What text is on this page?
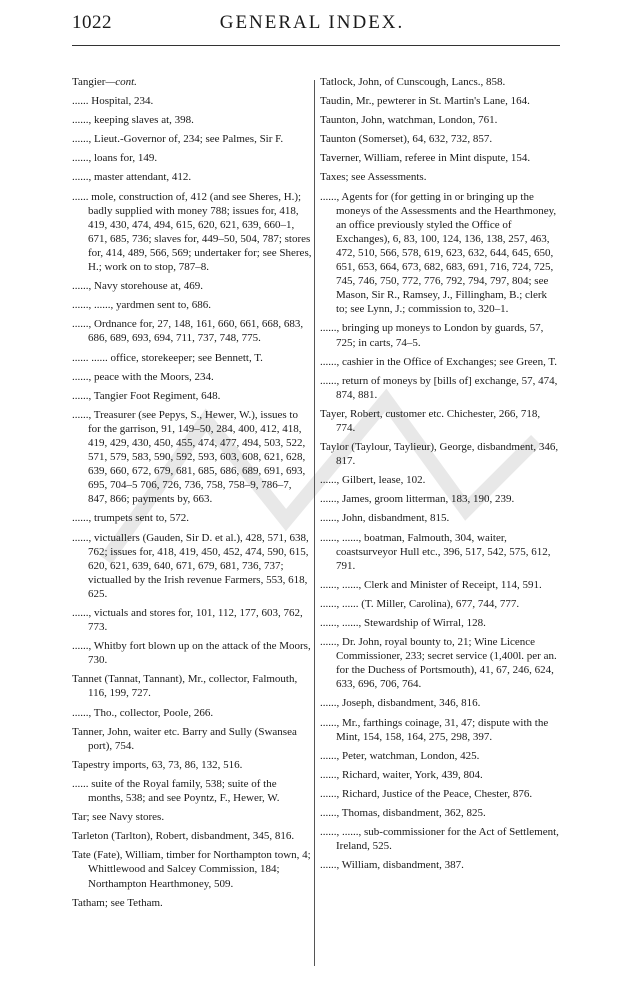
1022	GENERAL INDEX.
Tangier—cont.
...... Hospital, 234.
......, keeping slaves at, 398.
......, Lieut.-Governor of, 234; see Palmes, Sir F.
......, loans for, 149.
......, master attendant, 412.
...... mole, construction of, 412 (and see Sheres, H.); badly supplied with money 788; issues for, 418, 419, 430, 474, 494, 615, 620, 621, 639, 660–1, 671, 685, 736; slaves for, 449–50, 504, 787; stores for, 414, 489, 566, 569; undertaker for; see Sheres, H.; work on to stop, 787–8.
......, Navy storehouse at, 469.
......, ......, yardmen sent to, 686.
......, Ordnance for, 27, 148, 161, 660, 661, 668, 683, 686, 689, 693, 694, 711, 737, 748, 775.
...... ...... office, storekeeper; see Bennett, T.
......, peace with the Moors, 234.
......, Tangier Foot Regiment, 648.
......, Treasurer (see Pepys, S., Hewer, W.), issues to for the garrison, 91, 149–50, 284, 400, 412, 418, 419, 429, 430, 450, 455, 474, 477, 494, 503, 522, 571, 579, 583, 590, 592, 593, 603, 608, 621, 628, 639, 660, 672, 679, 681, 685, 686, 689, 691, 693, 695, 704–5 706, 726, 736, 758, 758–9, 786–7, 847, 866; payments by, 663.
......, trumpets sent to, 572.
......, victuallers (Gauden, Sir D. et al.), 428, 571, 638, 762; issues for, 418, 419, 450, 452, 474, 590, 615, 620, 621, 639, 640, 671, 679, 681, 736, 737; victualled by the Irish revenue Farmers, 553, 618, 625.
......, victuals and stores for, 101, 112, 177, 603, 762, 773.
......, Whitby fort blown up on the attack of the Moors, 730.
Tannet (Tannat, Tannant), Mr., collector, Falmouth, 116, 199, 727.
......, Tho., collector, Poole, 266.
Tanner, John, waiter etc. Barry and Sully (Swansea port), 754.
Tapestry imports, 63, 73, 86, 132, 516.
...... suite of the Royal family, 538; suite of the months, 538; and see Poyntz, F., Hewer, W.
Tar; see Navy stores.
Tarleton (Tarlton), Robert, disbandment, 345, 816.
Tate (Fate), William, timber for Northampton town, 4; Whittlewood and Salcey Commission, 184; Northampton Hearthmoney, 509.
Tatham; see Tetham.
Tatlock, John, of Cunscough, Lancs., 858.
Taudin, Mr., pewterer in St. Martin's Lane, 164.
Taunton, John, watchman, London, 761.
Taunton (Somerset), 64, 632, 732, 857.
Taverner, William, referee in Mint dispute, 154.
Taxes; see Assessments.
......, Agents for (for getting in or bringing up the moneys of the Assessments and the Hearthmoney, an office previously styled the Office of Exchanges), 6, 83, 100, 124, 136, 138, 257, 463, 472, 510, 566, 578, 619, 623, 632, 644, 645, 650, 651, 653, 664, 673, 682, 683, 691, 716, 724, 725, 745, 746, 750, 772, 776, 792, 794, 797, 804; see Mason, Sir R., Ramsey, J., Fillingham, B.; clerk to; see Lynn, J.; commission to, 320–1.
......, bringing up moneys to London by guards, 57, 725; in carts, 74–5.
......, cashier in the Office of Exchanges; see Green, T.
......, return of moneys by [bills of] exchange, 57, 474, 874, 881.
Tayer, Robert, customer etc. Chichester, 266, 718, 774.
Taylor (Taylour, Taylieur), George, disbandment, 346, 817.
......, Gilbert, lease, 102.
......, James, groom litterman, 183, 190, 239.
......, John, disbandment, 815.
......, ......, boatman, Falmouth, 304, waiter, coastsurveyor Hull etc., 396, 517, 542, 575, 612, 791.
......, ......, Clerk and Minister of Receipt, 114, 591.
......, ...... (T. Miller, Carolina), 677, 744, 777.
......, ......, Stewardship of Wirral, 128.
......, Dr. John, royal bounty to, 21; Wine Licence Commissioner, 233; secret service (1,400l. per an. for the Duchess of Portsmouth), 41, 67, 246, 624, 633, 696, 706, 764.
......, Joseph, disbandment, 346, 816.
......, Mr., farthings coinage, 31, 47; dispute with the Mint, 154, 158, 164, 275, 298, 397.
......, Peter, watchman, London, 425.
......, Richard, waiter, York, 439, 804.
......, Richard, Justice of the Peace, Chester, 876.
......, Thomas, disbandment, 362, 825.
......, ......, sub-commissioner for the Act of Settlement, Ireland, 525.
......, William, disbandment, 387.
